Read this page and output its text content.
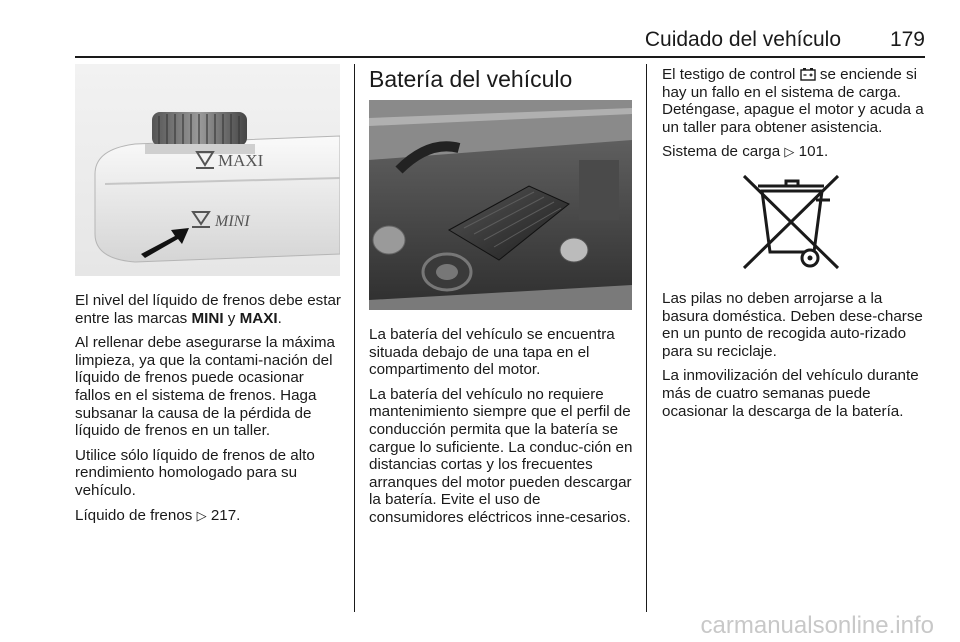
Cuidado del vehículo 179
MAXI
MINI

El nivel del líquido de frenos debe estar entre las marcas MINI y MAXI.

Al rellenar debe asegurarse la máxima limpieza, ya que la contami‐nación del líquido de frenos puede ocasionar fallos en el sistema de frenos. Haga subsanar la causa de la pérdida de líquido de frenos en un taller.

Utilice sólo líquido de frenos de alto rendimiento homologado para su vehículo.

Líquido de frenos ▷ 217.

Batería del vehículo

La batería del vehículo se encuentra situada debajo de una tapa en el compartimento del motor.

La batería del vehículo no requiere mantenimiento siempre que el perfil de conducción permita que la batería se cargue lo suficiente. La conduc‐ción en distancias cortas y los frecuentes arranques del motor pueden descargar la batería. Evite el uso de consumidores eléctricos inne‐cesarios.

El testigo de control se enciende si hay un fallo en el sistema de carga. Deténgase, apague el motor y acuda a un taller para obtener asistencia.

Sistema de carga ▷ 101.

Las pilas no deben arrojarse a la basura doméstica. Deben dese‐charse en un punto de recogida auto‐rizado para su reciclaje.

La inmovilización del vehículo durante más de cuatro semanas puede ocasionar la descarga de la batería.

carmanualsonline.info
